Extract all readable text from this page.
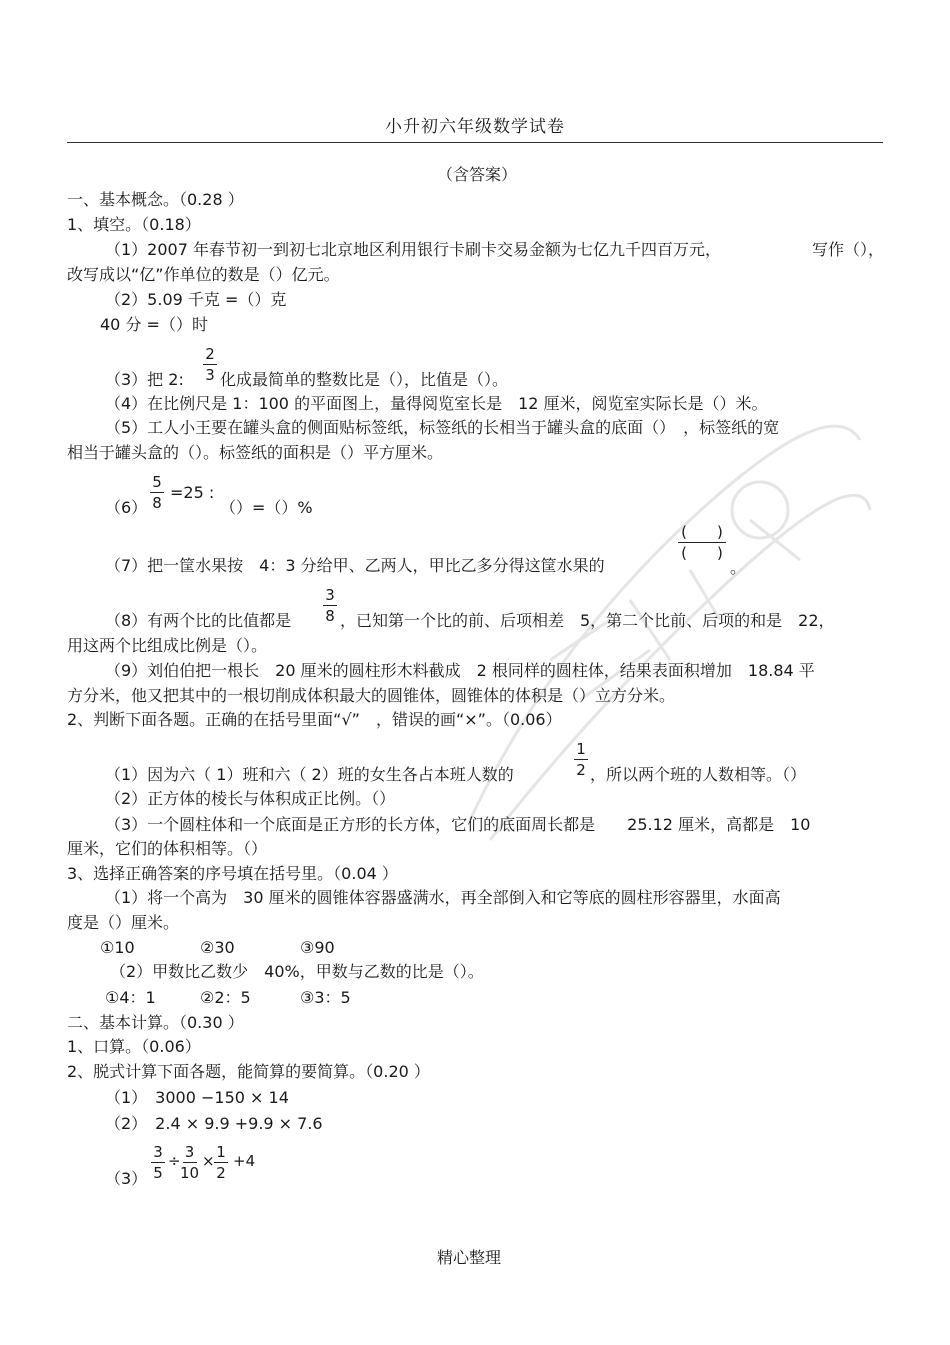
小升初六年级数学试卷
（含答案）
一、基本概念。（0.28 ）
1、填空。（0.18）
（1）2007 年春节初一到初七北京地区利用银行卡刷卡交易金额为七亿九千四百万元，	写作（），
改写成以“亿”作单位的数是（）亿元。
（2）5.09 千克 =（）克
40 分 =（）时
2
3
（3）把 2: 化成最简单的整数比是（），比值是（）。
（4）在比例尺是 1：100 的平面图上，量得阅览室长是　12 厘米，阅览室实际长是（）米。
（5）工人小王要在罐头盒的侧面贴标签纸，标签纸的长相当于罐头盒的底面（）　，标签纸的宽
相当于罐头盒的（）。标签纸的面积是（）平方厘米。
5
8
（6）
=25 :
（）=（）%
(　　)
(　　)
（7）把一筐水果按　4：3 分给甲、乙两人，甲比乙多分得这筐水果的	。
3
8
（8）有两个比的比值都是	，已知第一个比的前、后项相差　5，第二个比前、后项的和是　22，
用这两个比组成比例是（）。
（9）刘伯伯把一根长　20 厘米的圆柱形木料截成　2 根同样的圆柱体，结果表面积增加　18.84 平
方分米，他又把其中的一根切削成体积最大的圆锥体，圆锥体的体积是（）立方分米。
2、判断下面各题。正确的在括号里面“√”　，错误的画“×”。（0.06）
1
2
（1）因为六（ 1）班和六（ 2）班的女生各占本班人数的	，所以两个班的人数相等。（）
（2）正方体的棱长与体积成正比例。（）
（3）一个圆柱体和一个底面是正方形的长方体，它们的底面周长都是　　25.12 厘米，高都是　10
厘米，它们的体积相等。（）
3、选择正确答案的序号填在括号里。（0.04 ）
（1）将一个高为　30 厘米的圆锥体容器盛满水，再全部倒入和它等底的圆柱形容器里，水面高
度是（）厘米。
①10	②30	③90
（2）甲数比乙数少　40%，甲数与乙数的比是（）。
①4：1	②2：5	③3：5
二、基本计算。（0.30 ）
1、口算。（0.06）
2、脱式计算下面各题，能简算的要简算。（0.20 ）
（1）　3000 −150 × 14
（2）　2.4 × 9.9 +9.9 × 7.6
（3）
3
5
÷ 3
10
× 1
2
+4
精心整理
